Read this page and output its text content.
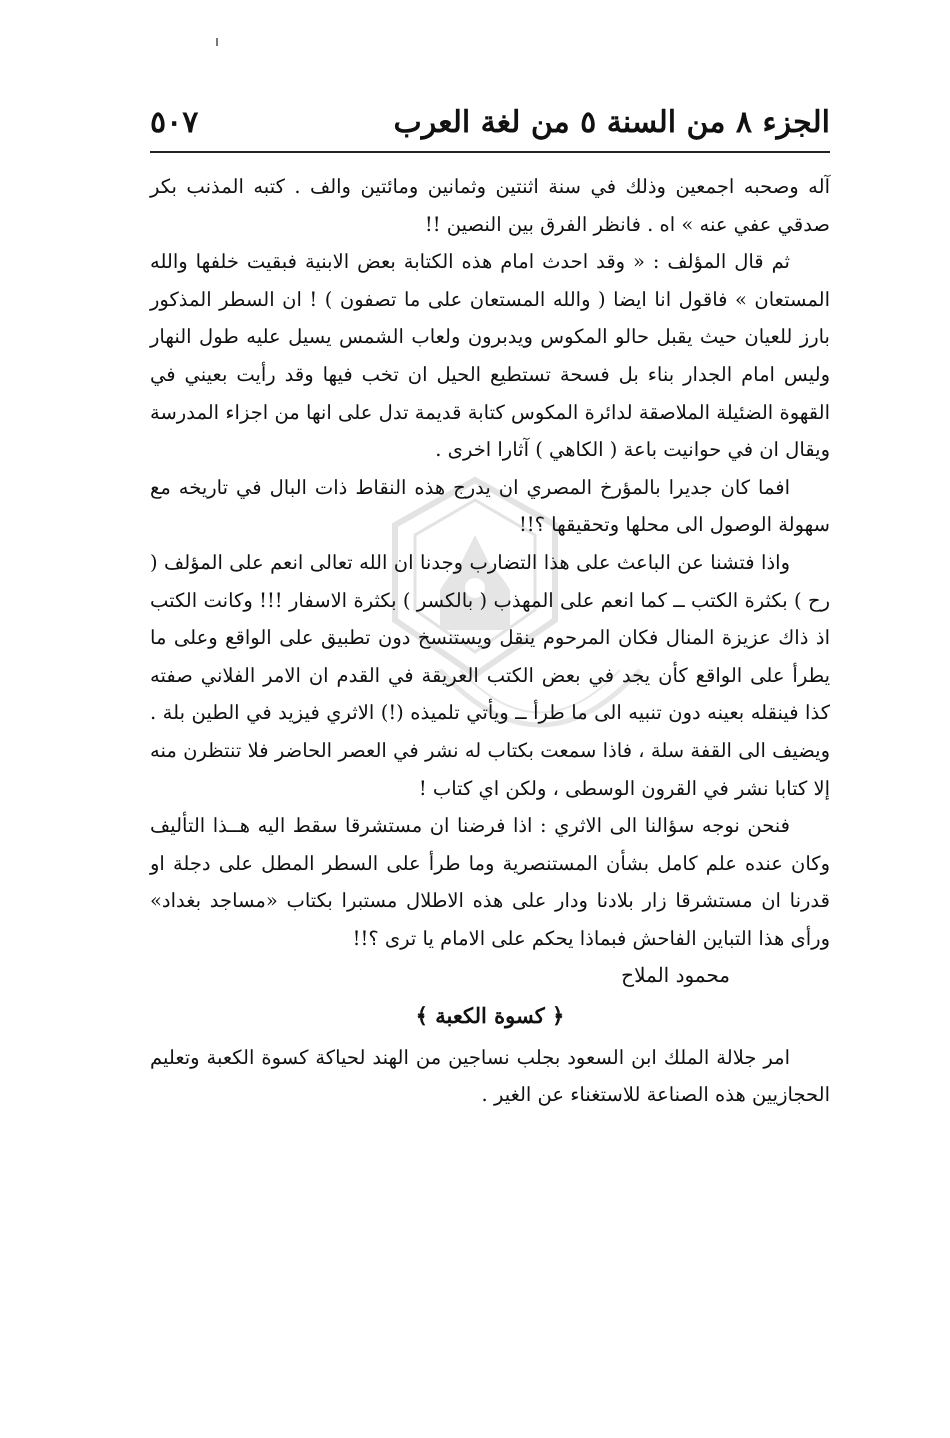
الجزء ٨ من السنة ٥ من لغة العرب
٥٠٧

آله وصحبه اجمعين وذلك في سنة اثنتين وثمانين ومائتين والف . كتبه المذنب بكر صدقي عفي عنه » اه . فانظر الفرق بين النصين !!

ثم قال المؤلف : « وقد احدث امام هذه الكتابة بعض الابنية فبقيت خلفها والله المستعان » فاقول انا ايضا ( والله المستعان على ما تصفون ) ! ان السطر المذكور بارز للعيان حيث يقبل حالو المكوس ويدبرون ولعاب الشمس يسيل عليه طول النهار وليس امام الجدار بناء بل فسحة تستطيع الحيل ان تخب فيها وقد رأيت بعيني في القهوة الضئيلة الملاصقة لدائرة المكوس كتابة قديمة تدل على انها من اجزاء المدرسة ويقال ان في حوانيت باعة ( الكاهي ) آثارا اخرى .

افما كان جديرا بالمؤرخ المصري ان يدرج هذه النقاط ذات البال في تاريخه مع سهولة الوصول الى محلها وتحقيقها ؟!!

واذا فتشنا عن الباعث على هذا التضارب وجدنا ان الله تعالى انعم على المؤلف ( رح ) بكثرة الكتب ــ كما انعم على المهذب ( بالكسر ) بكثرة الاسفار !!! وكانت الكتب اذ ذاك عزيزة المنال فكان المرحوم ينقل ويستنسخ دون تطبيق على الواقع وعلى ما يطرأ على الواقع كأن يجد في بعض الكتب العريقة في القدم ان الامر الفلاني صفته كذا فينقله بعينه دون تنبيه الى ما طرأ ــ ويأتي تلميذه (!) الاثري فيزيد في الطين بلة . ويضيف الى القفة سلة ، فاذا سمعت بكتاب له نشر في العصر الحاضر فلا تنتظرن منه إلا كتابا نشر في القرون الوسطى ، ولكن اي كتاب !

فنحن نوجه سؤالنا الى الاثري : اذا فرضنا ان مستشرقا سقط اليه هــذا التأليف وكان عنده علم كامل بشأن المستنصرية وما طرأ على السطر المطل على دجلة او قدرنا ان مستشرقا زار بلادنا ودار على هذه الاطلال مستبرا بكتاب «مساجد بغداد» ورأى هذا التباين الفاحش فبماذا يحكم على الامام يا ترى ؟!!

محمود الملاح

﴿ كسوة الكعبة ﴾

امر جلالة الملك ابن السعود بجلب نساجين من الهند لحياكة كسوة الكعبة وتعليم الحجازيين هذه الصناعة للاستغناء عن الغير .
